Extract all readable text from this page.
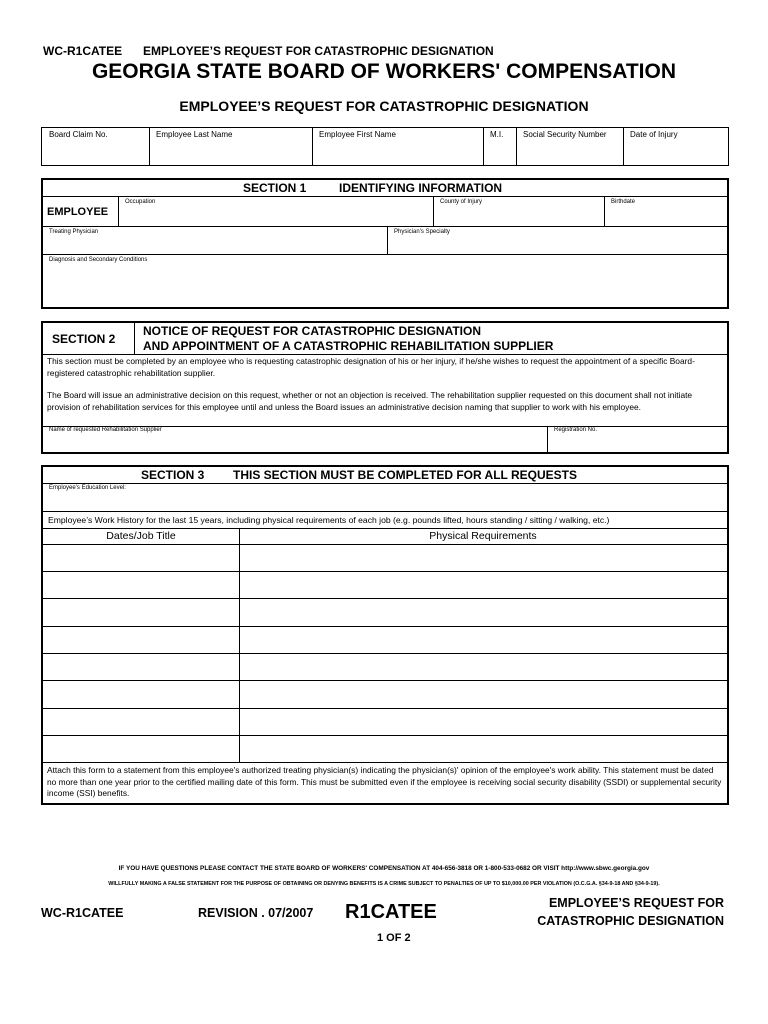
WC-R1CATEE EMPLOYEE’S REQUEST FOR CATASTROPHIC DESIGNATION
GEORGIA STATE BOARD OF WORKERS' COMPENSATION
EMPLOYEE’S REQUEST FOR CATASTROPHIC DESIGNATION
Board Claim No.	Employee Last Name	Employee First Name	M.I.	Social Security Number	Date of Injury
SECTION 1	IDENTIFYING INFORMATION
EMPLOYEE
Occupation	County of Injury	Birthdate
Treating Physician	Physician’s Specialty
Diagnosis and Secondary Conditions
SECTION 2
NOTICE OF REQUEST FOR CATASTROPHIC DESIGNATION
AND APPOINTMENT OF A CATASTROPHIC REHABILITATION SUPPLIER
This section must be completed by an employee who is requesting catastrophic designation of his or her injury, if he/she wishes to request the appointment of a specific Board-registered catastrophic rehabilitation supplier.
The Board will issue an administrative decision on this request, whether or not an objection is received. The rehabilitation supplier requested on this document shall not initiate provision of rehabilitation services for this employee until and unless the Board issues an administrative decision naming that supplier to work with his employee.
Name of requested Rehabilitation Supplier	Registration No.
SECTION 3 THIS SECTION MUST BE COMPLETED FOR ALL REQUESTS
Employee’s Education Level:
Employee’s Work History for the last 15 years, including physical requirements of each job (e.g. pounds lifted, hours standing / sitting / walking, etc.)
Dates/Job Title	Physical Requirements
Attach this form to a statement from this employee's authorized treating physician(s) indicating the physician(s)' opinion of the employee's work ability. This statement must be dated no more than one year prior to the certified mailing date of this form. This must be submitted even if the employee is receiving social security disability (SSDI) or supplemental security income (SSI) benefits.
IF YOU HAVE QUESTIONS PLEASE CONTACT THE STATE BOARD OF WORKERS' COMPENSATION AT 404-656-3818 OR 1-800-533-0682 OR VISIT http://www.sbwc.georgia.gov
WILLFULLY MAKING A FALSE STATEMENT FOR THE PURPOSE OF OBTAINING OR DENYING BENEFITS IS A CRIME SUBJECT TO PENALTIES OF UP TO $10,000.00 PER VIOLATION (O.C.G.A. §34-9-18 AND §34-9-19).
WC-R1CATEE	REVISION . 07/2007 R1CATEE
1 OF 2
EMPLOYEE’S REQUEST FOR
CATASTROPHIC DESIGNATION
